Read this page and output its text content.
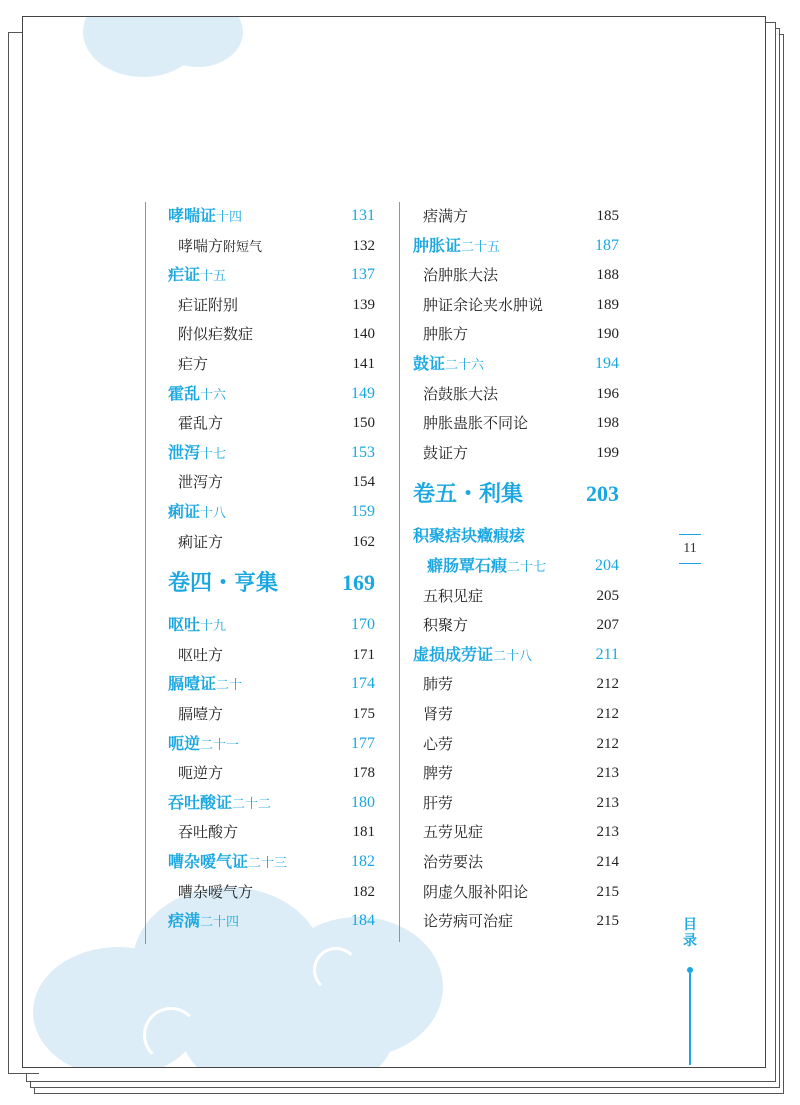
哮喘证十四	131
哮喘方附短气	132
疟证十五	137
疟证附别	139
附似疟数症	140
疟方	141
霍乱十六	149
霍乱方	150
泄泻十七	153
泄泻方	154
痢证十八	159
痢证方	162
卷四・亨集	169
呕吐十九	170
呕吐方	171
膈噎证二十	174
膈噎方	175
呃逆二十一	177
呃逆方	178
吞吐酸证二十二	180
吞吐酸方	181
嘈杂嗳气证二十三	182
嘈杂嗳气方	182
痞满二十四	184
痞满方	185
肿胀证二十五	187
治肿胀大法	188
肿证余论夹水肿说	189
肿胀方	190
鼓证二十六	194
治鼓胀大法	196
肿胀蛊胀不同论	198
鼓证方	199
卷五・利集	203
积聚痞块癥瘕痃
癖肠覃石瘕二十七	204
五积见症	205
积聚方	207
虚损成劳证二十八	211
肺劳	212
肾劳	212
心劳	212
脾劳	213
肝劳	213
五劳见症	213
治劳要法	214
阴虚久服补阳论	215
论劳病可治症	215
11
目录
